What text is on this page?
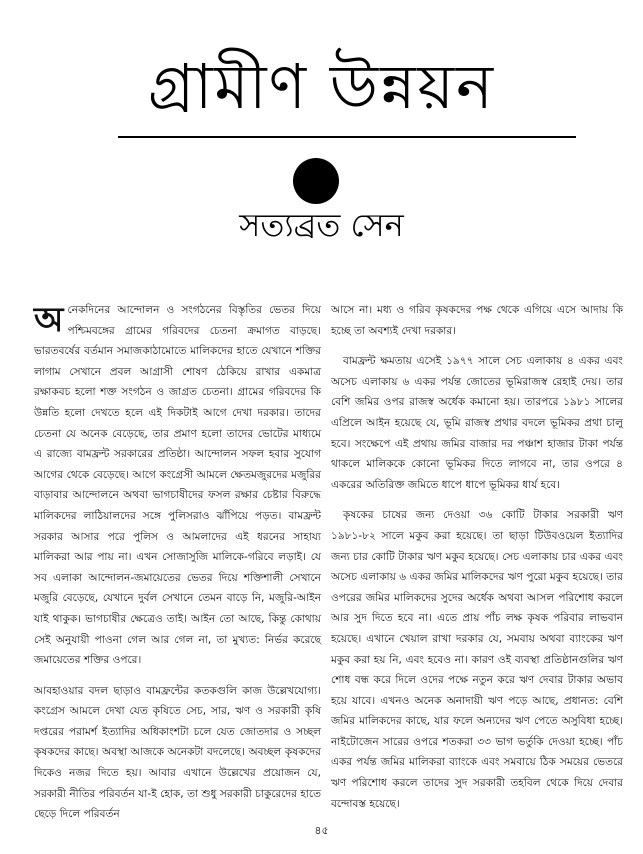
গ্রামীণ উন্নয়ন
সত্যব্রত সেন

অনেকদিনের আন্দোলন ও সংগঠনের বিস্তৃতির ভেতর দিয়ে পশ্চিমবঙ্গের গ্রামের গরিবদের চেতনা ক্রমাগত বাড়ছে। ভারতবর্ষের বর্তমান সমাজকাঠামোতে মালিকদের হাতে যেখানে শক্তির লাগাম সেখানে প্রবল আগ্রাসী শোষণ ঠেকিয়ে রাখার একমাত্র রক্ষাকবচ হলো শক্ত সংগঠন ও জাগ্রত চেতনা। গ্রামের গরিবদের কি উন্নতি হলো দেখতে হলে এই দিকটাই আগে দেখা দরকার। তাদের চেতনা যে অনেক বেড়েছে, তার প্রমাণ হলো তাদের ভোটের মাধ্যমে এ রাজ্যে বামফ্রন্ট সরকারের প্রতিষ্ঠা। আন্দোলন সফল হবার সুযোগ আগের থেকে বেড়েছে। আগে কংগ্রেসী আমলে ক্ষেতমজুরদের মজুরির বাড়াবার আন্দোলনে অথবা ভাগচাষীদের ফসল রক্ষার চেষ্টার বিরুদ্ধে মালিকদের লাঠিয়ালদের সঙ্গে পুলিসরাও ঝাঁপিয়ে পড়ত। বামফ্রন্ট সরকার আসার পরে পুলিস ও আমলাদের এই ধরনের সাহায্য মালিকরা আর পায় না। এখন সোজাসুজি মালিকে-গরিবে লড়াই। যে সব এলাকা আন্দোলন-জমায়েতের ভেতর দিয়ে শক্তিশালী সেখানে মজুরি বেড়েছে, যেখানে দুর্বল সেখানে তেমন বাড়ে নি, মজুরি-আইন যাই থাকুক। ভাগচাষীর ক্ষেত্রেও তাই। আইন তো আছে, কিন্তু কোথায় সেই অনুযায়ী পাওনা গেল আর গেল না, তা মুখ্যত: নির্ভর করেছে জমায়েতের শক্তির ওপরে।

আবহাওয়ার বদল ছাড়াও বামফ্রন্টের কতকগুলি কাজ উল্লেখযোগ্য। কংগ্রেস আমলে দেখা যেত কৃষিতে সেচ, সার, ঋণ ও সরকারী কৃষি দপ্তরের পরামর্শ ইত্যাদির অধিকাংশটা চলে যেত জোতদার ও সচ্ছল কৃষকদের কাছে। অবস্থা আজকে অনেকটা বদলেছে। অবচ্ছল কৃষকদের দিকেও নজর দিতে হয়। আবার এখানে উল্লেখের প্রয়োজন যে, সরকারী নীতির পরিবর্তন যা-ই হোক, তা শুধু সরকারী চাকুরেদের হাতে ছেড়ে দিলে পরিবর্তন

আসে না। মধ্য ও গরিব কৃষকদের পক্ষ থেকে এগিয়ে এসে আদায় কি হচ্ছে তা অবশ্যই দেখা দরকার।

বামফ্রন্ট ক্ষমতায় এসেই ১৯৭৭ সালে সেচ এলাকায় ৪ একর এবং অসেচ এলাকায় ৬ একর পর্যন্ত জোতের ভূমিরাজস্ব রেহাই দেয়। তার বেশি জমির ওপর রাজস্ব অর্ধেক কমানো হয়। তারপরে ১৯৮১ সালের এপ্রিলে আইন হয়েছে যে, ভূমি রাজস্ব প্রথার বদলে ভূমিকর প্রথা চালু হবে। সংক্ষেপে এই প্রথায় জমির বাজার দর পঞ্চাশ হাজার টাকা পর্যন্ত থাকলে মালিককে কোনো ভূমিকর দিতে লাগবে না, তার ওপরে ৪ একরের অতিরিক্ত জমিতে ধাপে ধাপে ভূমিকর ধার্য হবে।

কৃষকের চাষের জন্য দেওয়া ৩৬ কোটি টাকার সরকারী ঋণ ১৯৮১-৮২ সালে মকুব করা হয়েছে। তা ছাড়া টিউবওয়েল ইত্যাদির জন্য চার কোটি টাকার ঋণ মকুব হয়েছে। সেচ এলাকায় চার একর এবং অসেচ এলাকায় ৬ একর জমির মালিকদের ঋণ পুরো মকুব হয়েছে। তার ওপরের জমির মালিকদের সুদের অর্ধেক অথবা আসল পরিশোধ করলে আর সুদ দিতে হবে না। এতে প্রায় পাঁচ লক্ষ কৃষক পরিবার লাভবান হয়েছে। এখানে খেয়াল রাখা দরকার যে, সমবায় অথবা ব্যাংকের ঋণ মকুব করা হয় নি, এবং হবেও না। কারণ ওই ব্যবস্থা প্রতিষ্ঠানগুলির ঋণ শোধ বন্ধ করে দিলে ওদের পক্ষে নতুন করে ঋণ দেবার টাকার অভাব হয়ে যাবে। এখনও অনেক অনাদায়ী ঋণ পড়ে আছে, প্রধানত: বেশি জমির মালিকদের কাছে, যার ফলে অন্যদের ঋণ পেতে অসুবিধা হচ্ছে। নাইটোজেন সারের ওপরে শতকরা ৩৩ ভাগ ভর্তুকি দেওয়া হচ্ছে। পাঁচ একর পর্যন্ত জমির মালিকরা ব্যাংকে এবং সমবায়ে ঠিক সময়ের ভেতরে ঋণ পরিশোধ করলে তাদের সুদ সরকারী তহবিল থেকে দিয়ে দেবার বন্দোবস্ত হয়েছে।

৪৫
